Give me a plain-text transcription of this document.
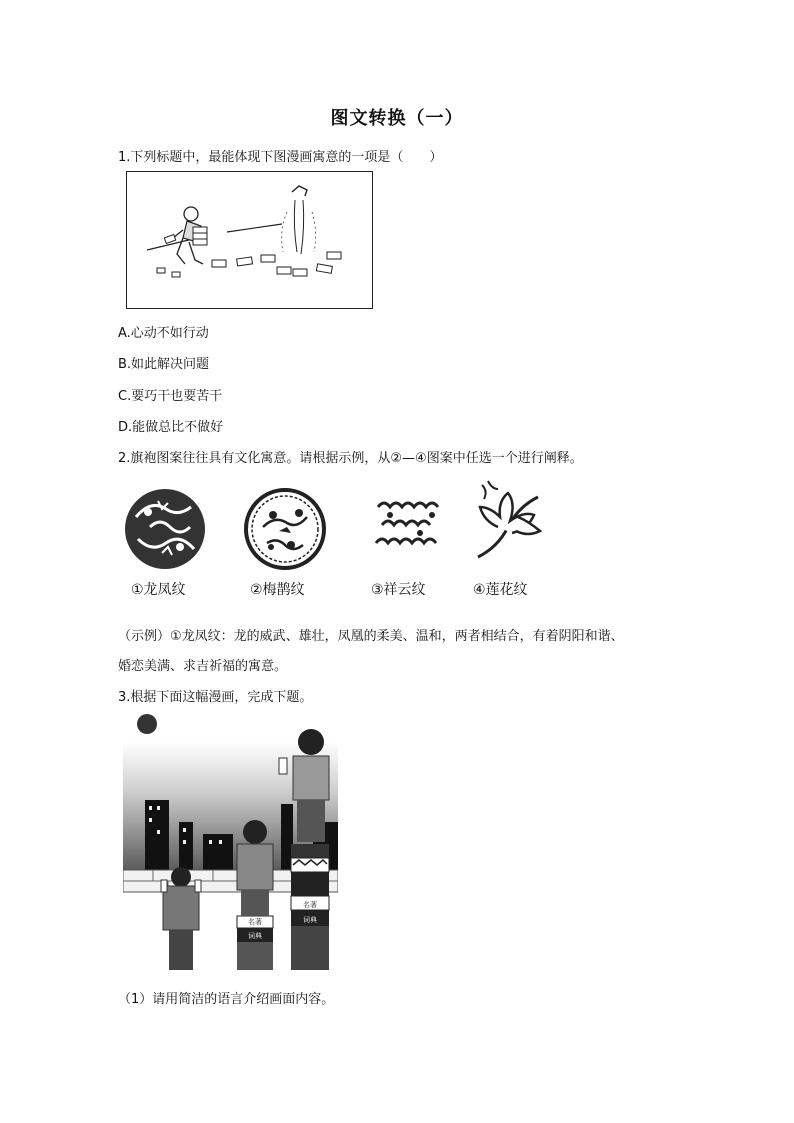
图文转换（一）
1.下列标题中，最能体现下图漫画寓意的一项是（　　）
A.心动不如行动
B.如此解决问题
C.要巧干也要苦干
D.能做总比不做好
2.旗袍图案往往具有文化寓意。请根据示例，从②—④图案中任选一个进行阐释。
①龙凤纹	②梅鹊纹	③祥云纹	④莲花纹
（示例）①龙凤纹：龙的威武、雄壮，凤凰的柔美、温和，两者相结合，有着阴阳和谐、
婚恋美满、求吉祈福的寓意。
3.根据下面这幅漫画，完成下题。
名著
词典
名著
词典
（1）请用简洁的语言介绍画面内容。
